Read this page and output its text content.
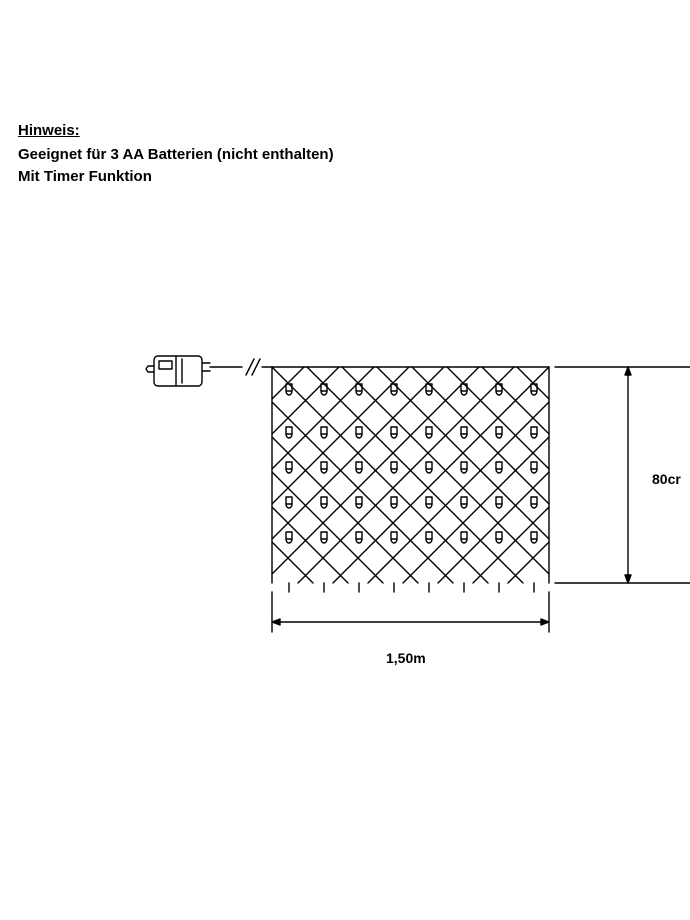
Hinweis:

Geeignet für 3 AA Batterien (nicht enthalten)

Mit Timer Funktion

1,50m
80cr
